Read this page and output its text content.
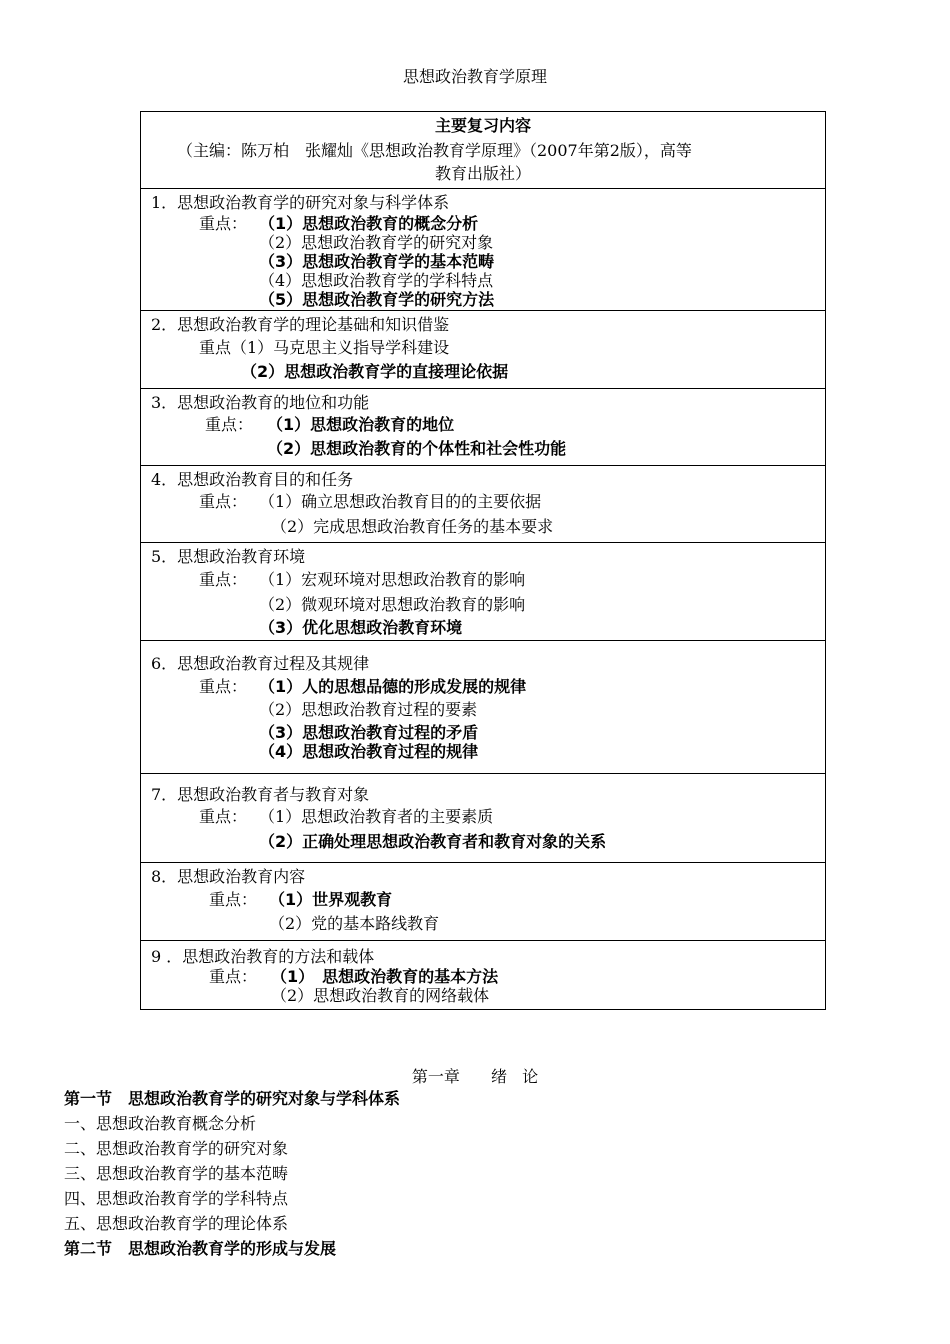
思想政治教育学原理
主要复习内容
（主编：陈万柏　张耀灿《思想政治教育学原理》（2007年第2版），高等
教育出版社）
1．思想政治教育学的研究对象与科学体系
重点： （1）思想政治教育的概念分析
（2）思想政治教育学的研究对象
（3）思想政治教育学的基本范畴
（4）思想政治教育学的学科特点
（5）思想政治教育学的研究方法
2．思想政治教育学的理论基础和知识借鉴
重点（1）马克思主义指导学科建设
（2）思想政治教育学的直接理论依据
3．思想政治教育的地位和功能
重点： （1）思想政治教育的地位
（2）思想政治教育的个体性和社会性功能
4．思想政治教育目的和任务
重点： （1）确立思想政治教育目的的主要依据
（2）完成思想政治教育任务的基本要求
5．思想政治教育环境
重点： （1）宏观环境对思想政治教育的影响
（2）微观环境对思想政治教育的影响
（3）优化思想政治教育环境
6．思想政治教育过程及其规律
重点： （1）人的思想品德的形成发展的规律
（2）思想政治教育过程的要素
（3）思想政治教育过程的矛盾
（4）思想政治教育过程的规律
7．思想政治教育者与教育对象
重点： （1）思想政治教育者的主要素质
（2）正确处理思想政治教育者和教育对象的关系
8．思想政治教育内容
重点： （1）世界观教育
（2）党的基本路线教育
9 ．思想政治教育的方法和载体
重点： （1）　思想政治教育的基本方法
（2）思想政治教育的网络载体
第一章　 绪 论
第一节　思想政治教育学的研究对象与学科体系
一、思想政治教育概念分析
二、思想政治教育学的研究对象
三、思想政治教育学的基本范畴
四、思想政治教育学的学科特点
五、思想政治教育学的理论体系
第二节　思想政治教育学的形成与发展
